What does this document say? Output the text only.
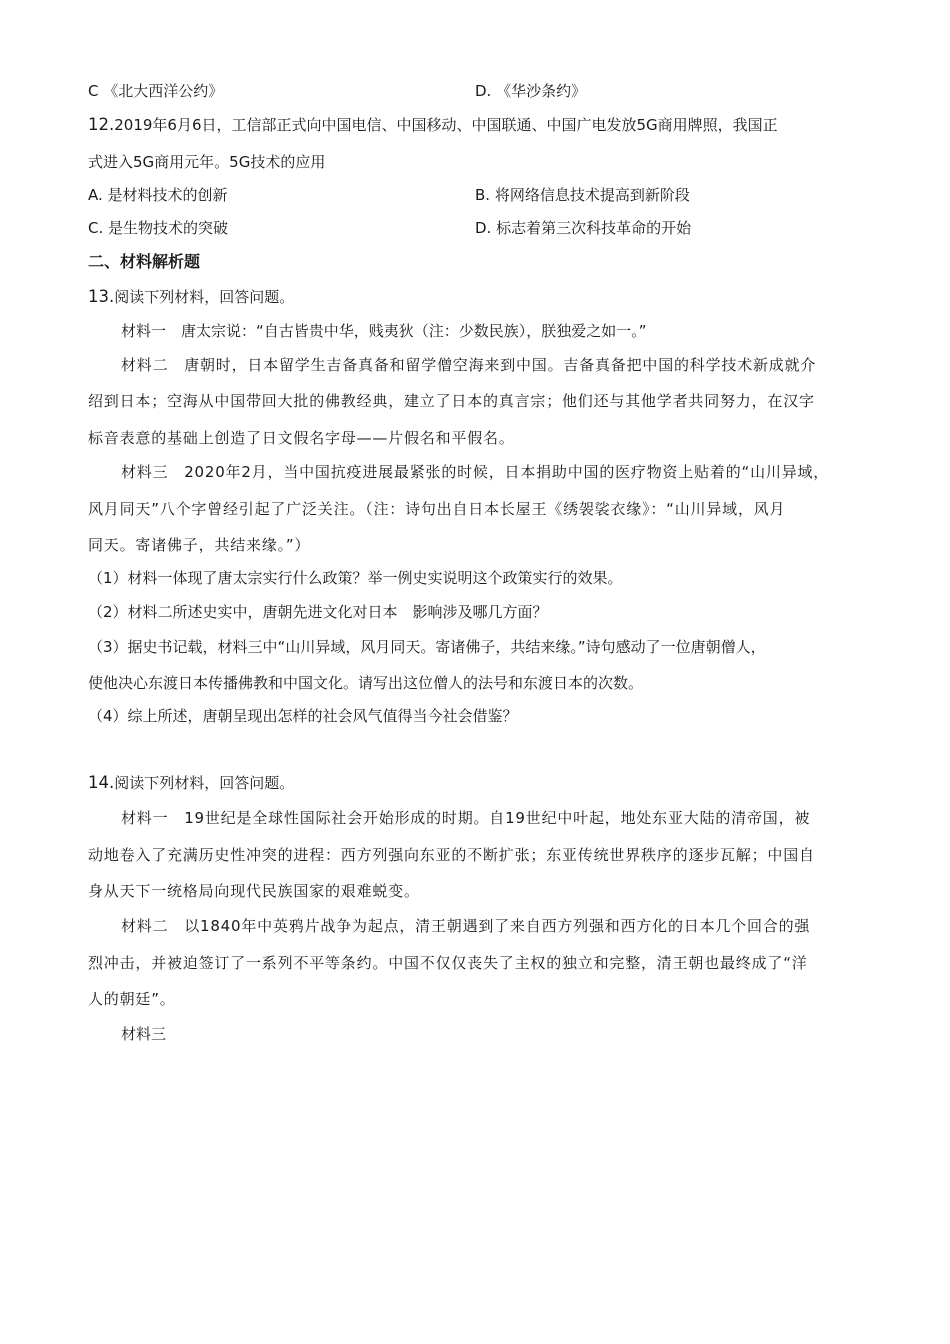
C 《北大西洋公约》	D. 《华沙条约》
12.2019年6月6日，工信部正式向中国电信、中国移动、中国联通、中国广电发放5G商用牌照，我国正
式进入5G商用元年。5G技术的应用
A. 是材料技术的创新	B. 将网络信息技术提高到新阶段
C. 是生物技术的突破	D. 标志着第三次科技革命的开始
二、材料解析题
13.阅读下列材料，回答问题。
材料一　唐太宗说：“自古皆贵中华，贱夷狄（注：少数民族），朕独爱之如一。”
材料二　唐朝时，日本留学生吉备真备和留学僧空海来到中国。吉备真备把中国的科学技术新成就介
绍到日本；空海从中国带回大批的佛教经典，建立了日本的真言宗；他们还与其他学者共同努力，在汉字
标音表意的基础上创造了日文假名字母——片假名和平假名。
材料三　2020年2月，当中国抗疫进展最紧张的时候，日本捐助中国的医疗物资上贴着的“山川异域，
风月同天”八个字曾经引起了广泛关注。（注：诗句出自日本长屋王《绣袈裟衣缘》：“山川异域，风月
同天。寄诸佛子，共结来缘。”）
（1）材料一体现了唐太宗实行什么政策？举一例史实说明这个政策实行的效果。
（2）材料二所述史实中，唐朝先进文化对日本　影响涉及哪几方面？
（3）据史书记载，材料三中“山川异域，风月同天。寄诸佛子，共结来缘。”诗句感动了一位唐朝僧人，
使他决心东渡日本传播佛教和中国文化。请写出这位僧人的法号和东渡日本的次数。
（4）综上所述，唐朝呈现出怎样的社会风气值得当今社会借鉴？
14.阅读下列材料，回答问题。
材料一　19世纪是全球性国际社会开始形成的时期。自19世纪中叶起，地处东亚大陆的清帝国，被
动地卷入了充满历史性冲突的进程：西方列强向东亚的不断扩张；东亚传统世界秩序的逐步瓦解；中国自
身从天下一统格局向现代民族国家的艰难蜕变。
材料二　以1840年中英鸦片战争为起点，清王朝遇到了来自西方列强和西方化的日本几个回合的强
烈冲击，并被迫签订了一系列不平等条约。中国不仅仅丧失了主权的独立和完整，清王朝也最终成了“洋
人的朝廷”。
材料三
